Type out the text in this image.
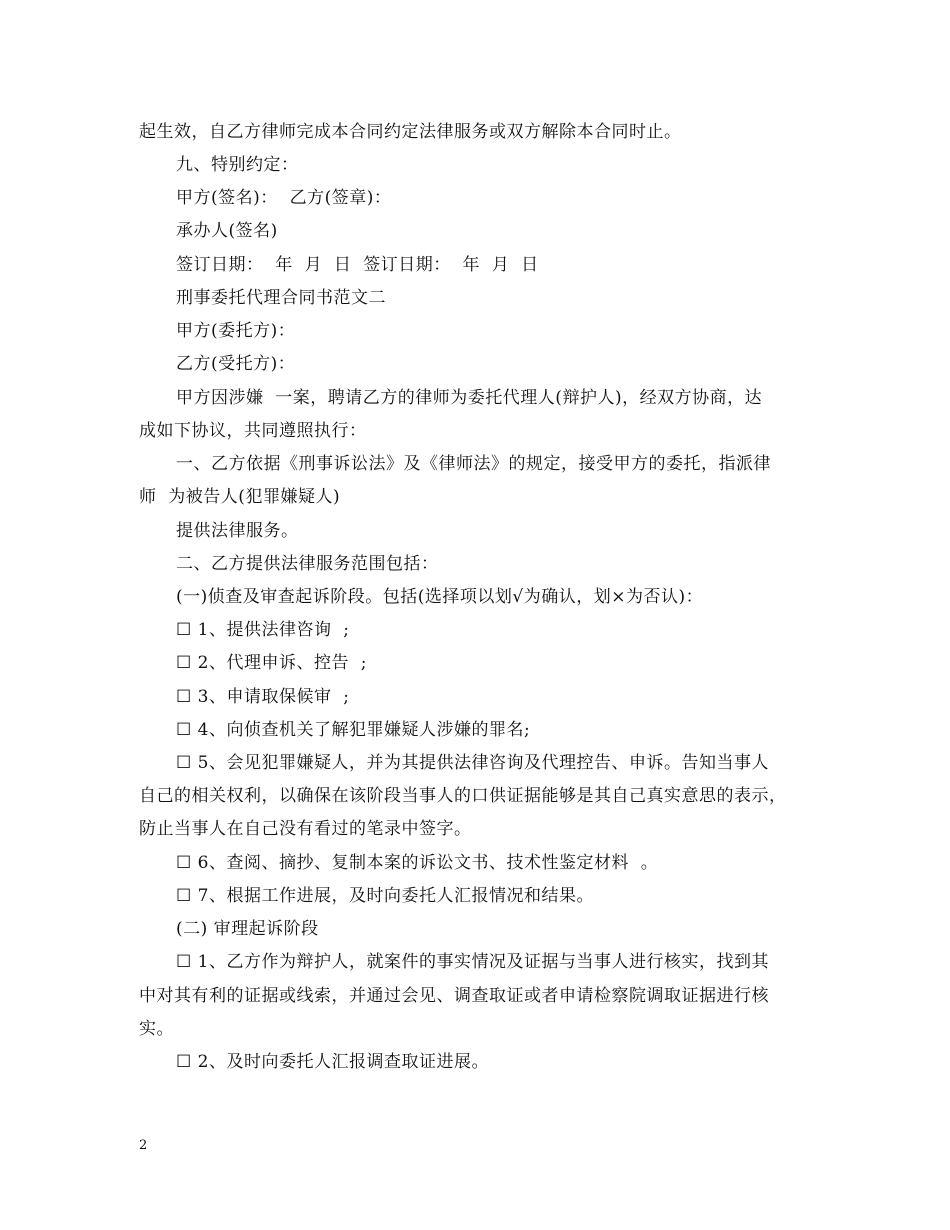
起生效，自乙方律师完成本合同约定法律服务或双方解除本合同时止。
九、特别约定：
甲方(签名)：  乙方(签章)：
承办人(签名)
签订日期：  年  月  日  签订日期：  年  月  日
刑事委托代理合同书范文二
甲方(委托方)：
乙方(受托方)：
甲方因涉嫌  一案，聘请乙方的律师为委托代理人(辩护人)，经双方协商，达
成如下协议，共同遵照执行：
一、乙方依据《刑事诉讼法》及《律师法》的规定，接受甲方的委托，指派律
师  为被告人(犯罪嫌疑人)
提供法律服务。
二、乙方提供法律服务范围包括：
(一)侦查及审查起诉阶段。包括(选择项以划√为确认，划×为否认)：
☐ 1、提供法律咨询  ;
☐ 2、代理申诉、控告  ;
☐ 3、申请取保候审  ;
☐ 4、向侦查机关了解犯罪嫌疑人涉嫌的罪名;
☐ 5、会见犯罪嫌疑人，并为其提供法律咨询及代理控告、申诉。告知当事人
自己的相关权利，以确保在该阶段当事人的口供证据能够是其自己真实意思的表示，
防止当事人在自己没有看过的笔录中签字。
☐ 6、查阅、摘抄、复制本案的诉讼文书、技术性鉴定材料  。
☐ 7、根据工作进展，及时向委托人汇报情况和结果。
(二) 审理起诉阶段
☐ 1、乙方作为辩护人，就案件的事实情况及证据与当事人进行核实，找到其
中对其有利的证据或线索，并通过会见、调查取证或者申请检察院调取证据进行核
实。
☐ 2、及时向委托人汇报调查取证进展。
2
